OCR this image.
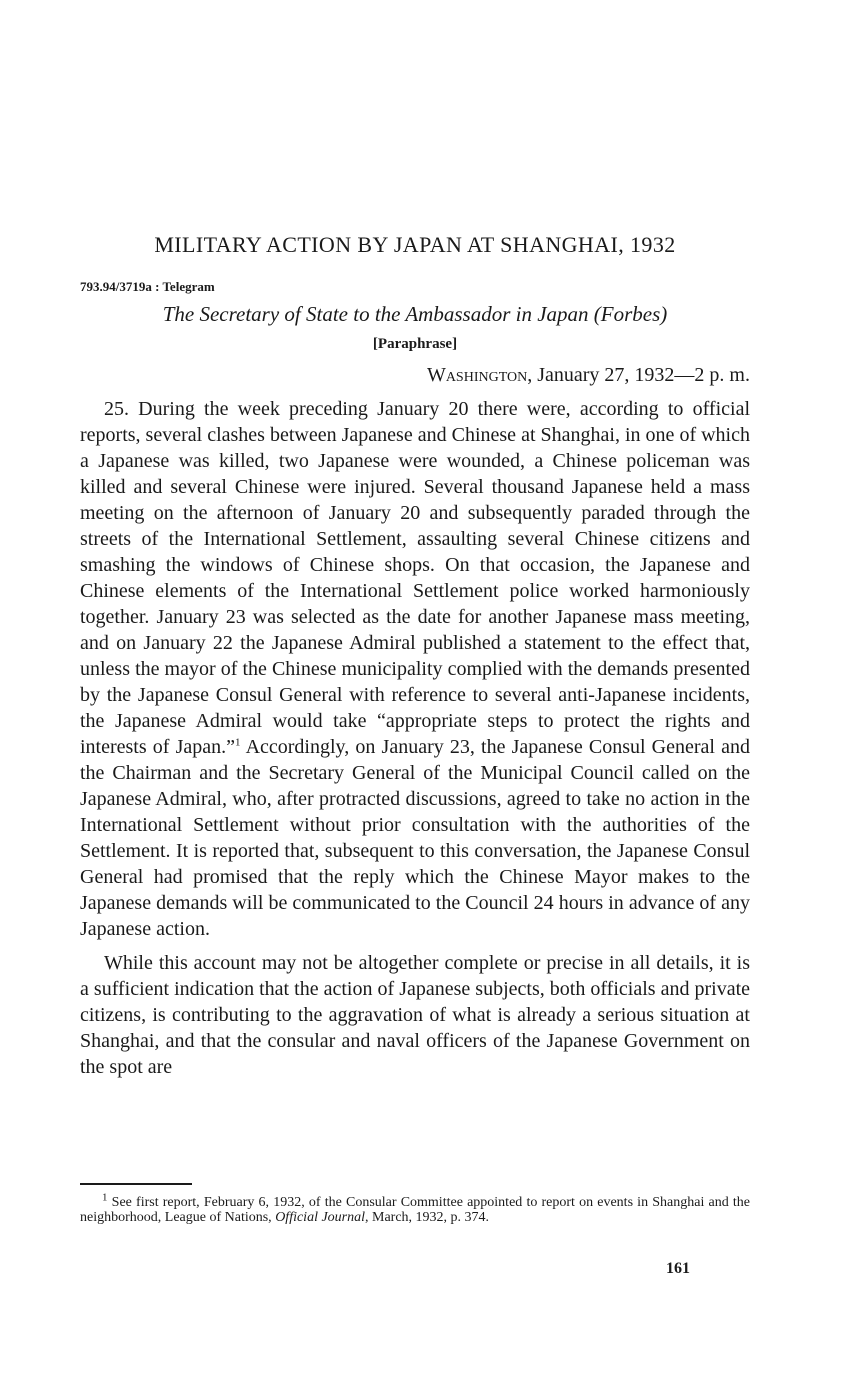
MILITARY ACTION BY JAPAN AT SHANGHAI, 1932

793.94/3719a : Telegram

The Secretary of State to the Ambassador in Japan (Forbes)

[Paraphrase]

Washington, January 27, 1932—2 p. m.

25. During the week preceding January 20 there were, according to official reports, several clashes between Japanese and Chinese at Shanghai, in one of which a Japanese was killed, two Japanese were wounded, a Chinese policeman was killed and several Chinese were injured. Several thousand Japanese held a mass meeting on the afternoon of January 20 and subsequently paraded through the streets of the International Settlement, assaulting several Chinese citizens and smashing the windows of Chinese shops. On that occasion, the Japanese and Chinese elements of the International Settlement police worked harmoniously together. January 23 was selected as the date for another Japanese mass meeting, and on January 22 the Japanese Admiral published a statement to the effect that, unless the mayor of the Chinese municipality complied with the demands presented by the Japanese Consul General with reference to several anti-Japanese incidents, the Japanese Admiral would take “appropriate steps to protect the rights and interests of Japan.”$^1$ Accordingly, on January 23, the Japanese Consul General and the Chairman and the Secretary General of the Municipal Council called on the Japanese Admiral, who, after protracted discussions, agreed to take no action in the International Settlement without prior consultation with the authorities of the Settlement. It is reported that, subsequent to this conversation, the Japanese Consul General had promised that the reply which the Chinese Mayor makes to the Japanese demands will be communicated to the Council 24 hours in advance of any Japanese action.

While this account may not be altogether complete or precise in all details, it is a sufficient indication that the action of Japanese subjects, both officials and private citizens, is contributing to the aggravation of what is already a serious situation at Shanghai, and that the consular and naval officers of the Japanese Government on the spot are

$^1$ See first report, February 6, 1932, of the Consular Committee appointed to report on events in Shanghai and the neighborhood, League of Nations, Official Journal, March, 1932, p. 374.

161
